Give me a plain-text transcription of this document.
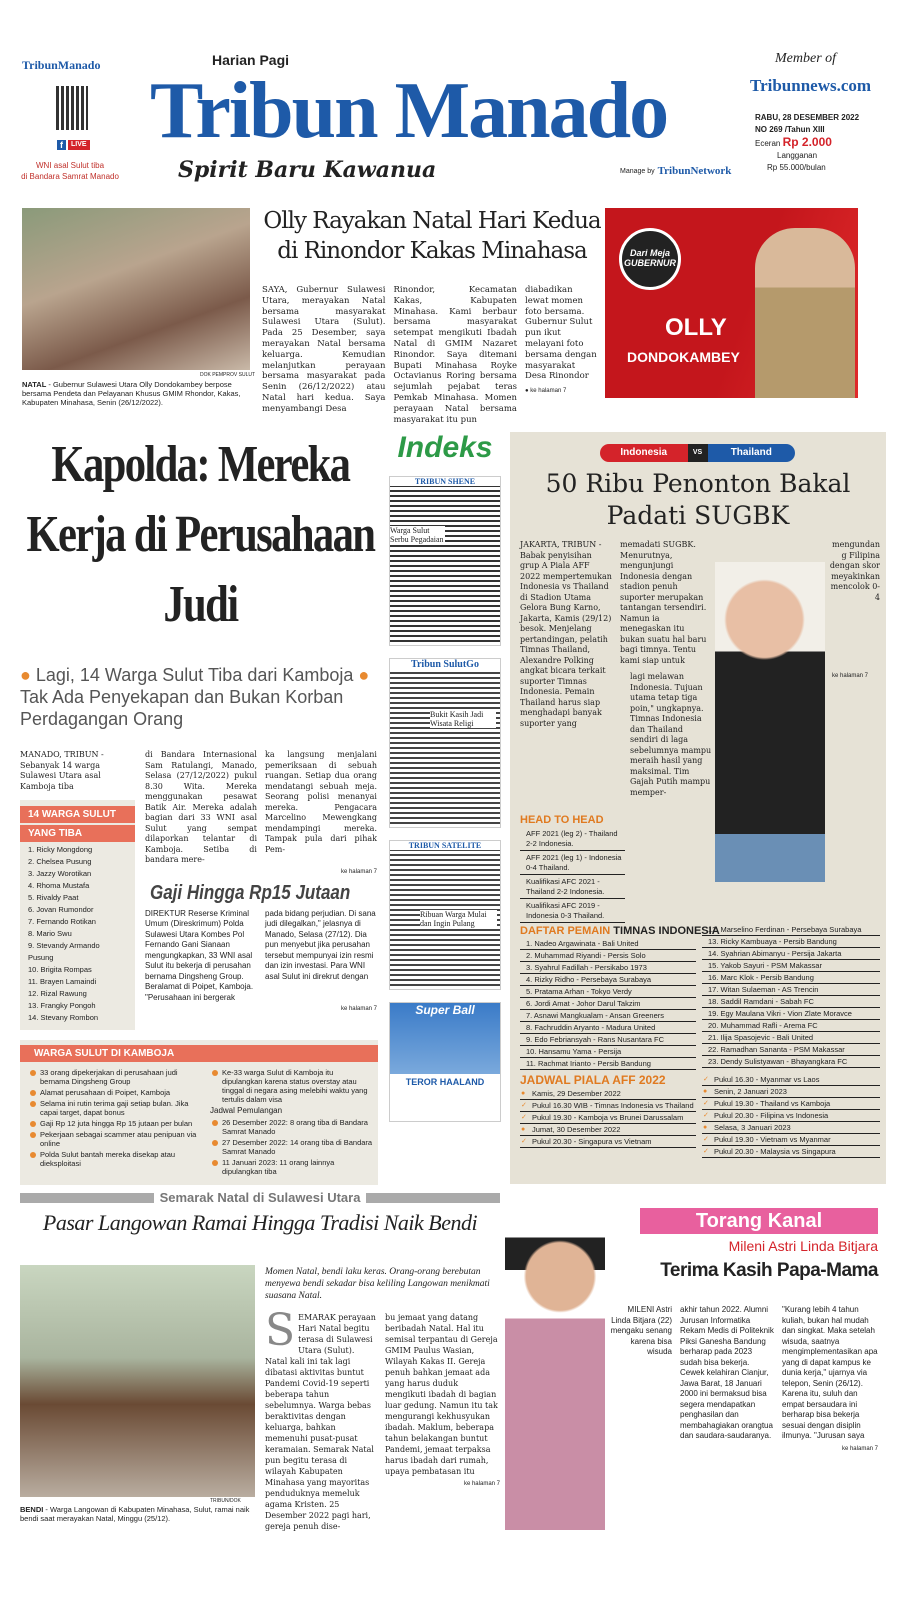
TribunManado
f	LIVE
WNI asal Sulut tiba
di Bandara Samrat Manado
Harian Pagi
Tribun Manado
Spirit Baru Kawanua	Manage by TribunNetwork
Member of
Tribunnews.com
RABU, 28 DESEMBER 2022
NO 269 /Tahun XIII
Eceran Rp 2.000
Langganan
Rp 55.000/bulan
DOK PEMPROV SULUT
NATAL - Gubernur Sulawesi Utara Olly Dondokambey berpose bersama Pendeta dan Pelayanan Khusus GMIM Rhondor, Kakas, Kabupaten Minahasa, Senin (26/12/2022).
Olly Rayakan Natal Hari Kedua di Rinondor Kakas Minahasa
SAYA, Gubernur Sulawesi Utara, merayakan Natal bersama masyarakat Sulawesi Utara (Sulut). Pada 25 Desember, saya merayakan Natal bersama keluarga. Kemudian melanjutkan perayaan bersama masyarakat pada Senin (26/12/2022) atau Natal hari kedua. Saya menyambangi Desa
Rinondor, Kecamatan Kakas, Kabupaten Minahasa. Kami berbaur bersama masyarakat setempat mengikuti Ibadah Natal di GMIM Nazaret Rinondor. Saya ditemani Bupati Minahasa Royke Octavianus Roring bersama sejumlah pejabat teras Pemkab Minahasa. Momen perayaan Natal bersama masyarakat itu pun
diabadikan lewat momen foto bersama. Gubernur Sulut pun ikut melayani foto bersama dengan masyarakat Desa Rinondor
● ke halaman 7
Dari Meja GUBERNUR
OLLY
DONDOKAMBEY
Kapolda: Mereka Kerja di Perusahaan Judi
● Lagi, 14 Warga Sulut Tiba dari Kamboja ● Tak Ada Penyekapan dan Bukan Korban Perdagangan Orang
MANADO, TRIBUN - Sebanyak 14 warga Sulawesi Utara asal Kamboja tiba
14 WARGA SULUT
YANG TIBA
1. Ricky Mongdong
2. Chelsea Pusung
3. Jazzy Worotikan
4. Rhoma Mustafa
5. Rivaldy Paat
6. Jovan Rumondor
7. Fernando Rotikan
8. Mario Swu
9. Stevandy Armando Pusung
10. Brigita Rompas
11. Brayen Lamaindi
12. Rizal Rawung
13. Frangky Pongoh
14. Stevany Rombon
di Bandara Internasional Sam Ratulangi, Manado, Selasa (27/12/2022) pukul 8.30 Wita. Mereka menggunakan pesawat Batik Air. Mereka adalah bagian dari 33 WNI asal Sulut yang sempat dilaporkan telantar di Kamboja. Setiba di bandara mere-
ka langsung menjalani pemeriksaan di sebuah ruangan. Setiap dua orang mendatangi sebuah meja. Seorang polisi menanyai mereka. Pengacara Marcelino Mewengkang mendampingi mereka. Tampak pula dari pihak Pem-
ke halaman 7
Gaji Hingga Rp15 Jutaan
DIREKTUR Reserse Kriminal Umum (Direskrimum) Polda Sulawesi Utara Kombes Pol Fernando Gani Sianaan mengungkapkan, 33 WNI asal Sulut itu bekerja di perusahan bernama Dingsheng Group. Beralamat di Poipet, Kamboja. "Perusahaan ini bergerak
pada bidang perjudian. Di sana judi dilegalkan," jelasnya di Manado, Selasa (27/12). Dia pun menyebut jika perusahan tersebut mempunyai izin resmi dan izin investasi. Para WNI asal Sulut ini direkrut dengan
ke halaman 7
WARGA SULUT DI KAMBOJA
33 orang dipekerjakan di perusahaan judi bernama Dingsheng Group
Alamat perusahaan di Poipet, Kamboja
Selama ini rutin terima gaji setiap bulan. Jika capai target, dapat bonus
Gaji Rp 12 juta hingga Rp 15 jutaan per bulan
Pekerjaan sebagai scammer atau penipuan via online
Polda Sulut bantah mereka disekap atau dieksploitasi
Ke-33 warga Sulut di Kamboja itu dipulangkan karena status overstay atau tinggal di negara asing melebihi waktu yang tertulis dalam visa
Jadwal Pemulangan
26 Desember 2022: 8 orang tiba di Bandara Samrat Manado
27 Desember 2022: 14 orang tiba di Bandara Samrat Manado
11 Januari 2023: 11 orang lainnya dipulangkan tiba
Indeks
TRIBUN SHENE
Warga Sulut Serbu Pegadaian
Tribun SulutGo
Bukit Kasih Jadi Wisata Religi
TRIBUN SATELITE
Ribuan Warga Mulai dan Ingin Pulang
Super Ball
TEROR HAALAND
Indonesia	VS	Thailand
50 Ribu Penonton Bakal Padati SUGBK
JAKARTA, TRIBUN - Babak penyisihan grup A Piala AFF 2022 mempertemukan Indonesia vs Thailand di Stadion Utama Gelora Bung Karno, Jakarta, Kamis (29/12) besok. Menjelang pertandingan, pelatih Timnas Thailand, Alexandre Polking angkat bicara terkait suporter Timnas Indonesia. Pemain Thailand harus siap menghadapi banyak suporter yang
memadati SUGBK. Menurutnya, mengunjungi Indonesia dengan stadion penuh suporter merupakan tantangan tersendiri. Namun ia menegaskan itu bukan suatu hal baru bagi timnya. Tentu kami siap untuk
mengundang Filipina dengan skor meyakinkan mencolok 0-4
lagi melawan Indonesia. Tujuan utama tetap tiga poin," ungkapnya. Timnas Indonesia dan Thailand sendiri di laga sebelumnya mampu meraih hasil yang maksimal. Tim Gajah Putih mampu memper-
ke halaman 7
HEAD TO HEAD
AFF 2021 (leg 2) - Thailand 2-2 Indonesia.
AFF 2021 (leg 1) - Indonesia 0-4 Thailand.
Kualifikasi AFC 2021 - Thailand 2-2 Indonesia.
Kualifikasi AFC 2019 - Indonesia 0-3 Thailand.
DAFTAR PEMAIN TIMNAS INDONESIA
1. Nadeo Argawinata - Bali United
2. Muhammad Riyandi - Persis Solo
3. Syahrul Fadillah - Persikabo 1973
4. Rizky Ridho - Persebaya Surabaya
5. Pratama Arhan - Tokyo Verdy
6. Jordi Amat - Johor Darul Takzim
7. Asnawi Mangkualam - Ansan Greeners
8. Fachruddin Aryanto - Madura United
9. Edo Febriansyah - Rans Nusantara FC
10. Hansamu Yama - Persija
11. Rachmat Irianto - Persib Bandung
JADWAL PIALA AFF 2022
● Kamis, 29 Desember 2022
✓ Pukul 16.30 WIB - Timnas Indonesia vs Thailand
✓ Pukul 19.30 - Kamboja vs Brunei Darussalam
● Jumat, 30 Desember 2022
✓ Pukul 20.30 - Singapura vs Vietnam
12. Marselino Ferdinan - Persebaya Surabaya
13. Ricky Kambuaya - Persib Bandung
14. Syahrian Abimanyu - Persija Jakarta
15. Yakob Sayuri - PSM Makassar
16. Marc Klok - Persib Bandung
17. Witan Sulaeman - AS Trencin
18. Saddil Ramdani - Sabah FC
19. Egy Maulana Vikri - Vion Zlate Moravce
20. Muhammad Rafli - Arema FC
21. Ilija Spasojevic - Bali United
22. Ramadhan Sananta - PSM Makassar
23. Dendy Sulistyawan - Bhayangkara FC
✓ Pukul 16.30 - Myanmar vs Laos
● Senin, 2 Januari 2023
✓ Pukul 19.30 - Thailand vs Kamboja
✓ Pukul 20.30 - Filipina vs Indonesia
● Selasa, 3 Januari 2023
✓ Pukul 19.30 - Vietnam vs Myanmar
✓ Pukul 20.30 - Malaysia vs Singapura
Semarak Natal di Sulawesi Utara
Pasar Langowan Ramai Hingga Tradisi Naik Bendi
TRIBUN/DOK
BENDI - Warga Langowan di Kabupaten Minahasa, Sulut, ramai naik bendi saat merayakan Natal, Minggu (25/12).
Momen Natal, bendi laku keras. Orang-orang berebutan menyewa bendi sekadar bisa keliling Langowan menikmati suasana Natal.
SEMARAK perayaan Hari Natal begitu terasa di Sulawesi Utara (Sulut). Natal kali ini tak lagi dibatasi aktivitas buntut Pandemi Covid-19 seperti beberapa tahun sebelumnya. Warga bebas beraktivitas dengan keluarga, bahkan memenuhi pusat-pusat keramaian. Semarak Natal pun begitu terasa di wilayah Kabupaten Minahasa yang mayoritas penduduknya memeluk agama Kristen. 25 Desember 2022 pagi hari, gereja penuh dise-
bu jemaat yang datang beribadah Natal. Hal itu semisal terpantau di Gereja GMIM Paulus Wasian, Wilayah Kakas II. Gereja penuh bahkan jemaat ada yang harus duduk mengikuti ibadah di bagian luar gedung. Namun itu tak mengurangi kekhusyukan ibadah. Maklum, beberapa tahun belakangan buntut Pandemi, jemaat terpaksa harus ibadah dari rumah, upaya pembatasan itu
ke halaman 7
Torang Kanal
Mileni Astri Linda Bitjara
Terima Kasih Papa-Mama
MILENI Astri Linda Bitjara (22) mengaku senang karena bisa wisuda
akhir tahun 2022. Alumni Jurusan Informatika Rekam Medis di Politeknik Piksi Ganesha Bandung berharap pada 2023 sudah bisa bekerja. Cewek kelahiran Cianjur, Jawa Barat, 18 Januari 2000 ini bermaksud bisa segera mendapatkan penghasilan dan membahagiakan orangtua dan saudara-saudaranya.
"Kurang lebih 4 tahun kuliah, bukan hal mudah dan singkat. Maka setelah wisuda, saatnya mengimplementasikan apa yang di dapat kampus ke dunia kerja," ujarnya via telepon, Senin (26/12). Karena itu, suluh dan empat bersaudara ini berharap bisa bekerja sesuai dengan disiplin ilmunya. "Jurusan saya
ke halaman 7
